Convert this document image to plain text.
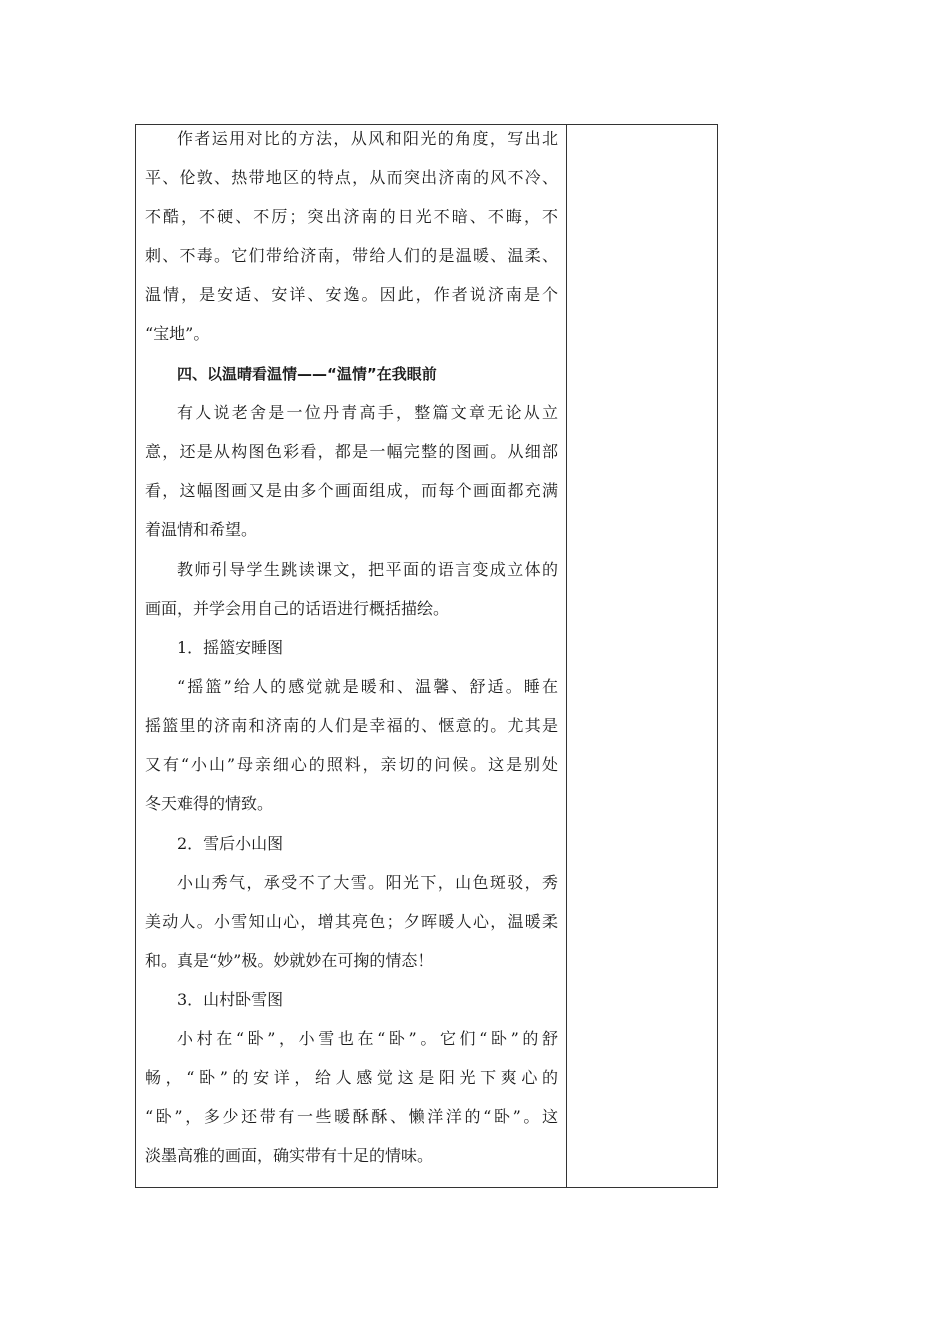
作者运用对比的方法，从风和阳光的角度，写出北
平、伦敦、热带地区的特点，从而突出济南的风不冷、
不酷，不硬、不厉；突出济南的日光不暗、不晦，不
刺、不毒。它们带给济南，带给人们的是温暖、温柔、
温情，是安适、安详、安逸。因此，作者说济南是个
“宝地”。
四、以温晴看温情——“温情”在我眼前
有人说老舍是一位丹青高手，整篇文章无论从立
意，还是从构图色彩看，都是一幅完整的图画。从细部
看，这幅图画又是由多个画面组成，而每个画面都充满
着温情和希望。
教师引导学生跳读课文，把平面的语言变成立体的
画面，并学会用自己的话语进行概括描绘。
1．摇篮安睡图
“摇篮”给人的感觉就是暖和、温馨、舒适。睡在
摇篮里的济南和济南的人们是幸福的、惬意的。尤其是
又有“小山”母亲细心的照料，亲切的问候。这是别处
冬天难得的情致。
2．雪后小山图
小山秀气，承受不了大雪。阳光下，山色斑驳，秀
美动人。小雪知山心，增其亮色；夕晖暖人心，温暖柔
和。真是“妙”极。妙就妙在可掬的情态！
3．山村卧雪图
小村在“卧”，小雪也在“卧”。它们“卧”的舒
畅，“卧”的安详，给人感觉这是阳光下爽心的
“卧”，多少还带有一些暖酥酥、懒洋洋的“卧”。这
淡墨高雅的画面，确实带有十足的情味。
